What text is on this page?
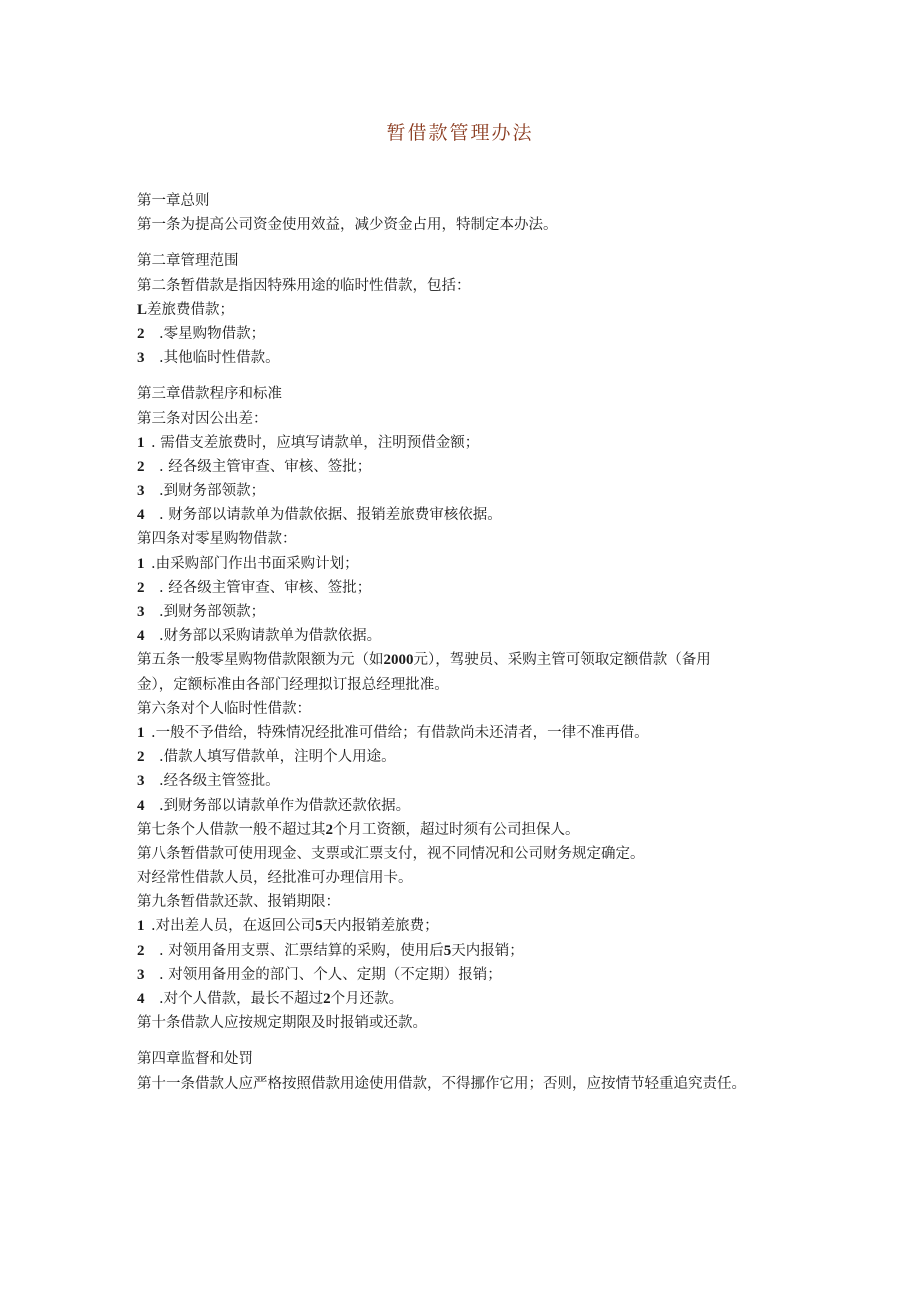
暂借款管理办法
第一章总则
第一条为提高公司资金使用效益，减少资金占用，特制定本办法。
第二章管理范围
第二条暂借款是指因特殊用途的临时性借款，包括：
L差旅费借款；
2 .零星购物借款；
3 .其他临时性借款。
第三章借款程序和标准
第三条对因公出差：
1 . 需借支差旅费时，应填写请款单，注明预借金额；
2 . 经各级主管审查、审核、签批；
3 .到财务部领款；
4 . 财务部以请款单为借款依据、报销差旅费审核依据。
第四条对零星购物借款：
1 .由采购部门作出书面采购计划；
2 . 经各级主管审查、审核、签批；
3 .到财务部领款；
4 .财务部以采购请款单为借款依据。
第五条一般零星购物借款限额为元（如2000元），驾驶员、采购主管可领取定额借款（备用
金），定额标准由各部门经理拟订报总经理批准。
第六条对个人临时性借款：
1 .一般不予借给，特殊情况经批准可借给；有借款尚未还清者，一律不准再借。
2 .借款人填写借款单，注明个人用途。
3 .经各级主管签批。
4 .到财务部以请款单作为借款还款依据。
第七条个人借款一般不超过其2个月工资额，超过时须有公司担保人。
第八条暂借款可使用现金、支票或汇票支付，视不同情况和公司财务规定确定。
对经常性借款人员，经批准可办理信用卡。
第九条暂借款还款、报销期限：
1 .对出差人员，在返回公司5天内报销差旅费；
2 . 对领用备用支票、汇票结算的采购，使用后5天内报销；
3 . 对领用备用金的部门、个人、定期（不定期）报销；
4 .对个人借款，最长不超过2个月还款。
第十条借款人应按规定期限及时报销或还款。
第四章监督和处罚
第十一条借款人应严格按照借款用途使用借款，不得挪作它用；否则，应按情节轻重追究责任。
